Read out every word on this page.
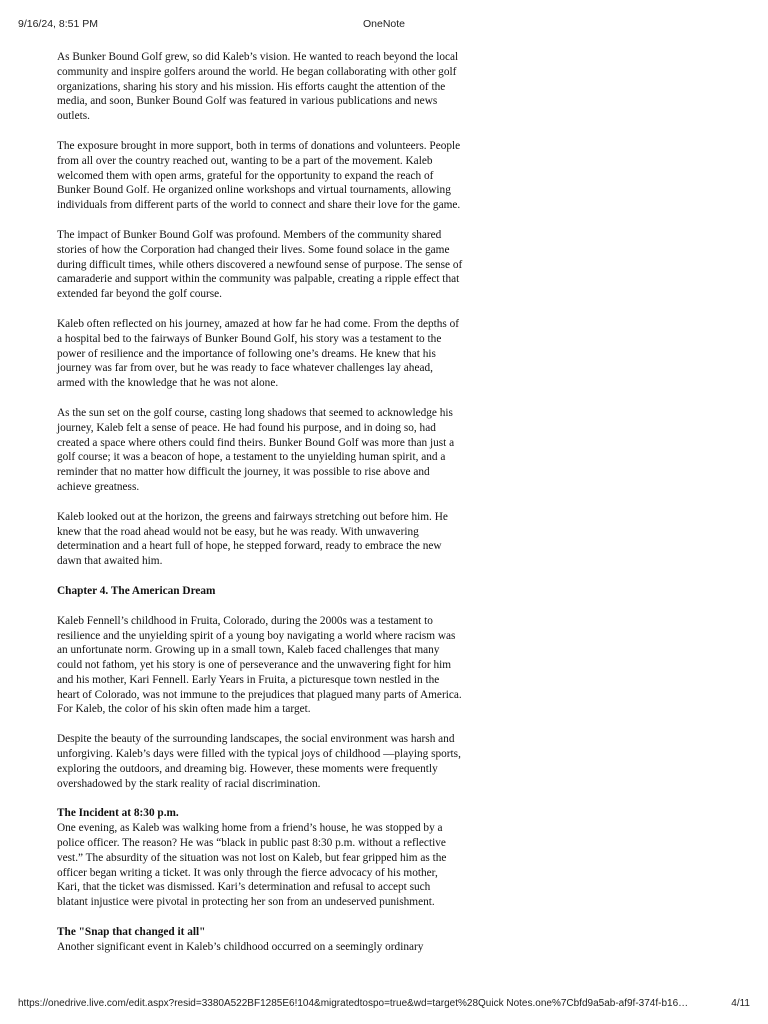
9/16/24, 8:51 PM	OneNote

As Bunker Bound Golf grew, so did Kaleb’s vision. He wanted to reach beyond the local community and inspire golfers around the world. He began collaborating with other golf organizations, sharing his story and his mission. His efforts caught the attention of the media, and soon, Bunker Bound Golf was featured in various publications and news outlets.

The exposure brought in more support, both in terms of donations and volunteers. People from all over the country reached out, wanting to be a part of the movement. Kaleb welcomed them with open arms, grateful for the opportunity to expand the reach of Bunker Bound Golf. He organized online workshops and virtual tournaments, allowing individuals from different parts of the world to connect and share their love for the game.

The impact of Bunker Bound Golf was profound. Members of the community shared stories of how the Corporation had changed their lives. Some found solace in the game during difficult times, while others discovered a newfound sense of purpose. The sense of camaraderie and support within the community was palpable, creating a ripple effect that extended far beyond the golf course.

Kaleb often reflected on his journey, amazed at how far he had come. From the depths of a hospital bed to the fairways of Bunker Bound Golf, his story was a testament to the power of resilience and the importance of following one’s dreams. He knew that his journey was far from over, but he was ready to face whatever challenges lay ahead, armed with the knowledge that he was not alone.

As the sun set on the golf course, casting long shadows that seemed to acknowledge his journey, Kaleb felt a sense of peace. He had found his purpose, and in doing so, had created a space where others could find theirs. Bunker Bound Golf was more than just a golf course; it was a beacon of hope, a testament to the unyielding human spirit, and a reminder that no matter how difficult the journey, it was possible to rise above and achieve greatness.

Kaleb looked out at the horizon, the greens and fairways stretching out before him. He knew that the road ahead would not be easy, but he was ready. With unwavering determination and a heart full of hope, he stepped forward, ready to embrace the new dawn that awaited him.

Chapter 4. The American Dream

Kaleb Fennell’s childhood in Fruita, Colorado, during the 2000s was a testament to resilience and the unyielding spirit of a young boy navigating a world where racism was an unfortunate norm. Growing up in a small town, Kaleb faced challenges that many could not fathom, yet his story is one of perseverance and the unwavering fight for him and his mother, Kari Fennell. Early Years in Fruita, a picturesque town nestled in the heart of Colorado, was not immune to the prejudices that plagued many parts of America. For Kaleb, the color of his skin often made him a target.

Despite the beauty of the surrounding landscapes, the social environment was harsh and unforgiving. Kaleb’s days were filled with the typical joys of childhood —playing sports, exploring the outdoors, and dreaming big. However, these moments were frequently overshadowed by the stark reality of racial discrimination.

The Incident at 8:30 p.m.

One evening, as Kaleb was walking home from a friend’s house, he was stopped by a police officer. The reason? He was “black in public past 8:30 p.m. without a reflective vest.” The absurdity of the situation was not lost on Kaleb, but fear gripped him as the officer began writing a ticket. It was only through the fierce advocacy of his mother, Kari, that the ticket was dismissed. Kari’s determination and refusal to accept such blatant injustice were pivotal in protecting her son from an undeserved punishment.

The "Snap that changed it all"

Another significant event in Kaleb’s childhood occurred on a seemingly ordinary

https://onedrive.live.com/edit.aspx?resid=3380A522BF1285E6!104&migratedtospo=true&wd=target%28Quick Notes.one%7Cbfd9a5ab-af9f-374f-b16…	4/11
